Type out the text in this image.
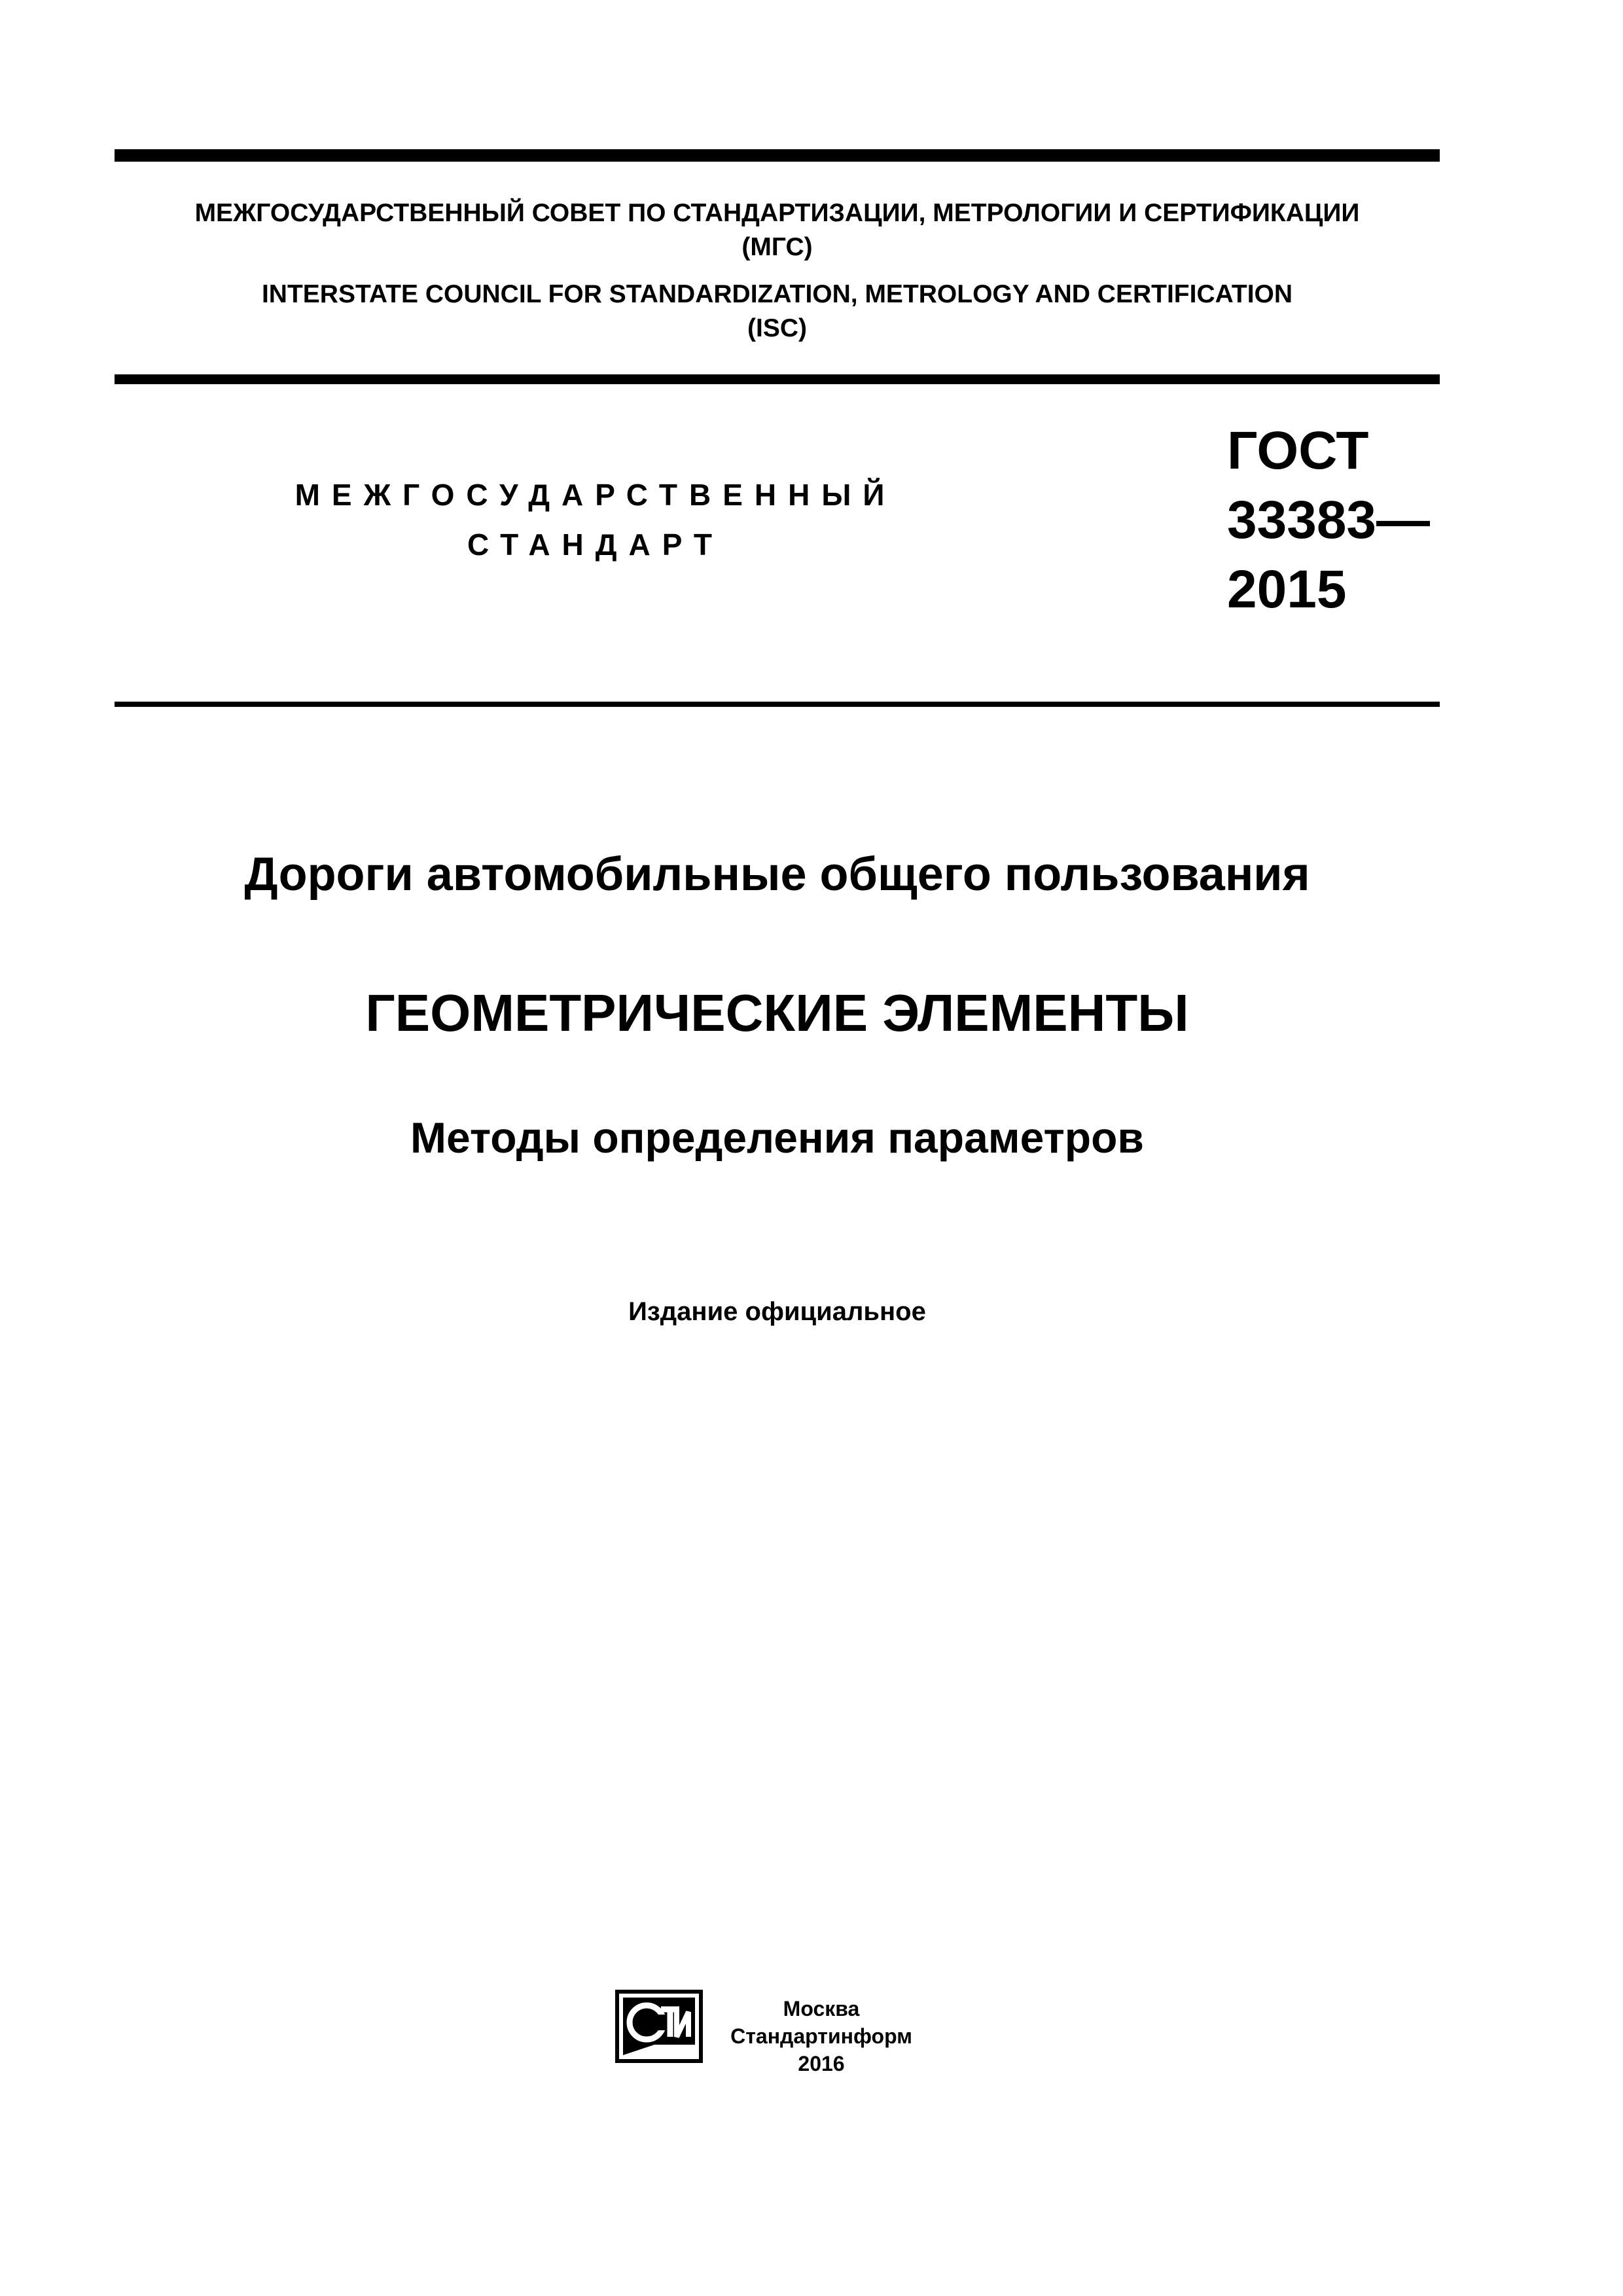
МЕЖГОСУДАРСТВЕННЫЙ СОВЕТ ПО СТАНДАРТИЗАЦИИ, МЕТРОЛОГИИ И СЕРТИФИКАЦИИ
(МГС)
INTERSTATE COUNCIL FOR STANDARDIZATION, METROLOGY AND CERTIFICATION
(ISC)
МЕЖГОСУДАРСТВЕННЫЙ
СТАНДАРТ
ГОСТ
33383—
2015
Дороги автомобильные общего пользования
ГЕОМЕТРИЧЕСКИЕ ЭЛЕМЕНТЫ
Методы определения параметров
Издание официальное
Москва
Стандартинформ
2016
